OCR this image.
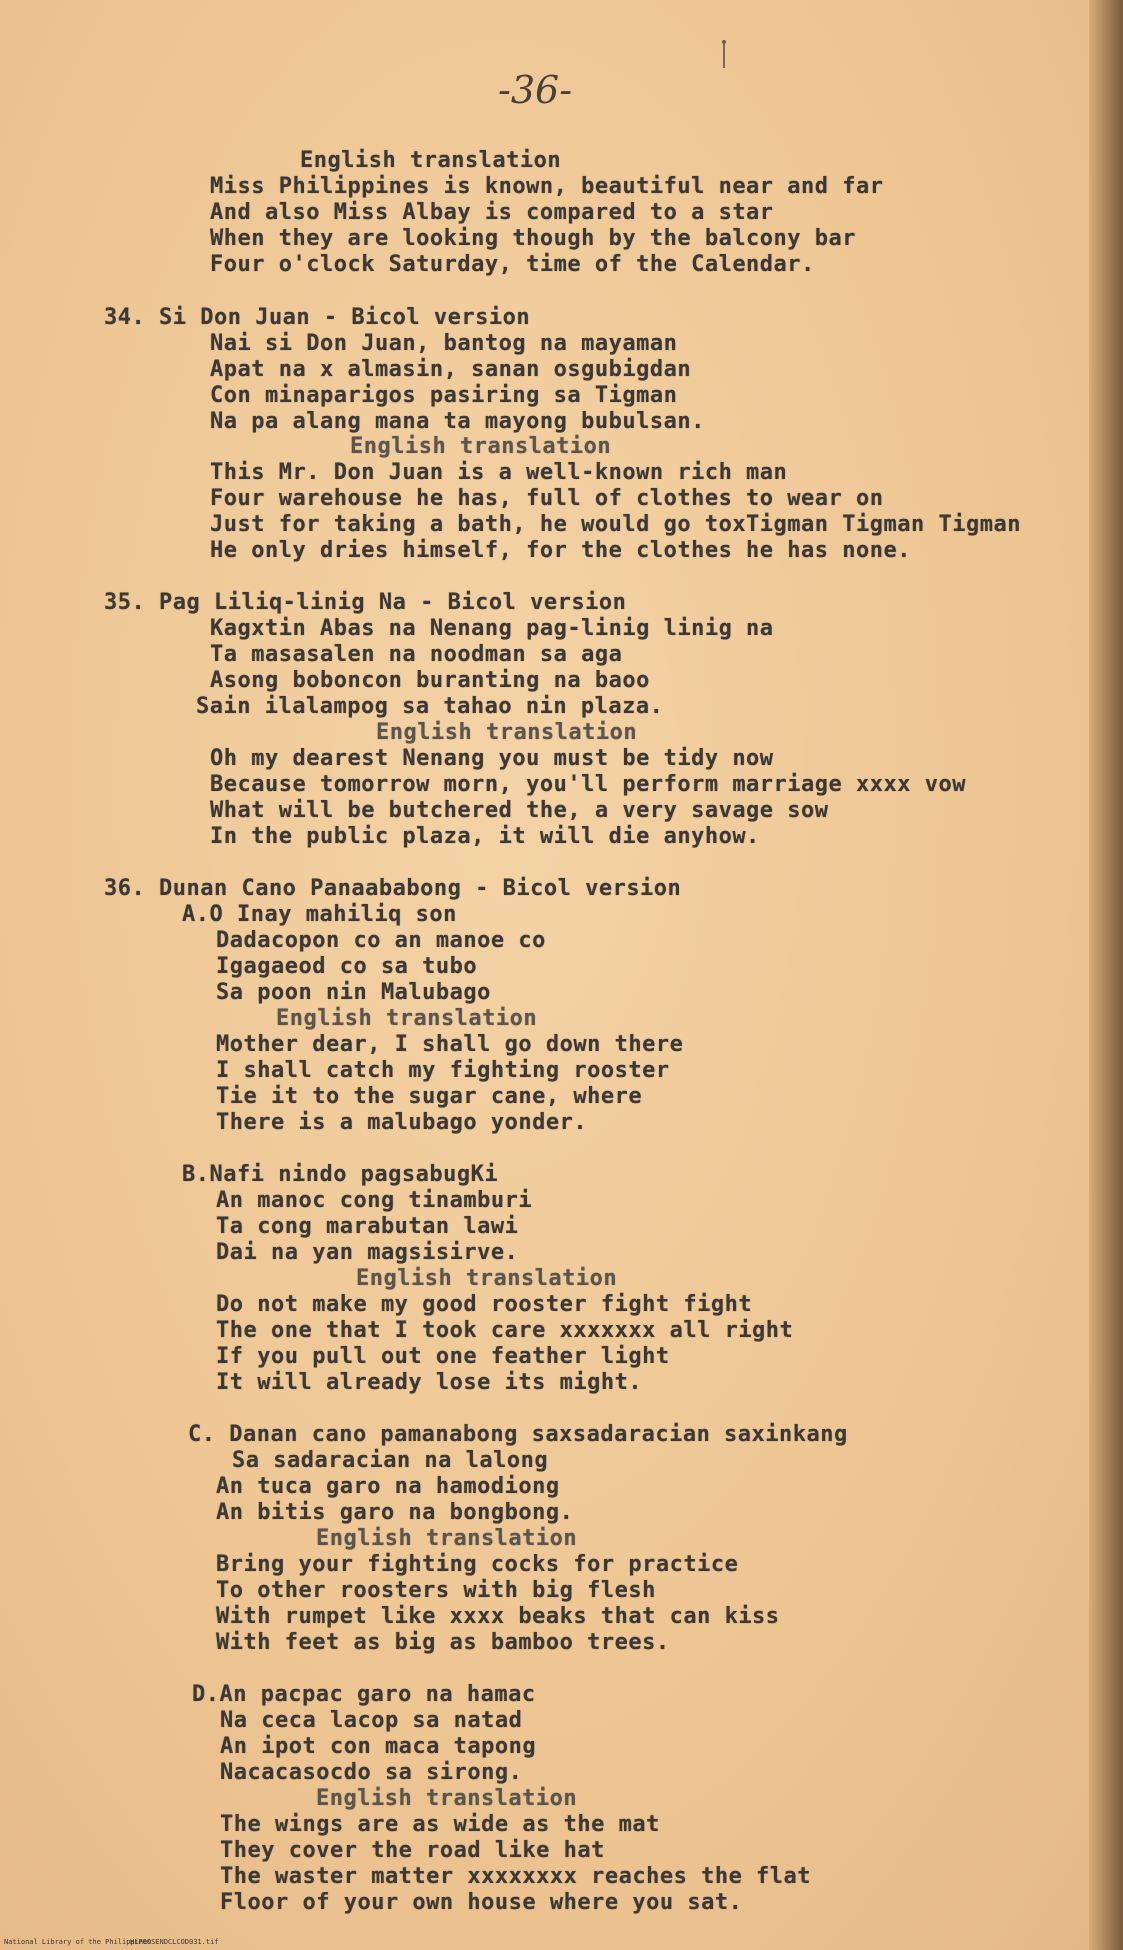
-36-
English translation
Miss Philippines is known, beautiful near and far
And also Miss Albay is compared to a star
When they are looking though by the balcony bar
Four o'clock Saturday, time of the Calendar.
34. Si Don Juan - Bicol version
Nai si Don Juan, bantog na mayaman
Apat na x almasin, sanan osgubigdan
Con minaparigos pasiring sa Tigman
Na pa alang mana ta mayong bubulsan.
English translation
This Mr. Don Juan is a well-known rich man
Four warehouse he has, full of clothes to wear on
Just for taking a bath, he would go toxTigman Tigman Tigman
He only dries himself, for the clothes he has none.
35. Pag Liliq-linig Na - Bicol version
Kagxtin Abas na Nenang pag-linig linig na
Ta masasalen na noodman sa aga
Asong boboncon buranting na baoo
Sain ilalampog sa tahao nin plaza.
English translation
Oh my dearest Nenang you must be tidy now
Because tomorrow morn, you'll perform marriage xxxx vow
What will be butchered the, a very savage sow
In the public plaza, it will die anyhow.
36. Dunan Cano Panaababong - Bicol version
A.O Inay mahiliq son
Dadacopon co an manoe co
Igagaeod co sa tubo
Sa poon nin Malubago
English translation
Mother dear, I shall go down there
I shall catch my fighting rooster
Tie it to the sugar cane, where
There is a malubago yonder.
B.Nafi nindo pagsabugKi
An manoc cong tinamburi
Ta cong marabutan lawi
Dai na yan magsisirve.
English translation
Do not make my good rooster fight fight
The one that I took care xxxxxxx all right
If you pull out one feather light
It will already lose its might.
C. Danan cano pamanabong saxsadaracian saxinkang
Sa sadaracian na lalong
An tuca garo na hamodiong
An bitis garo na bongbong.
English translation
Bring your fighting cocks for practice
To other roosters with big flesh
With rumpet like xxxx beaks that can kiss
With feet as big as bamboo trees.
D.An pacpac garo na hamac
Na ceca lacop sa natad
An ipot con maca tapong
Nacacasocdo sa sirong.
English translation
The wings are as wide as the mat
They cover the road like hat
The waster matter xxxxxxxx reaches the flat
Floor of your own house where you sat.
National Library of the Philippines
HLPOOSENDCLCOD031.tif
